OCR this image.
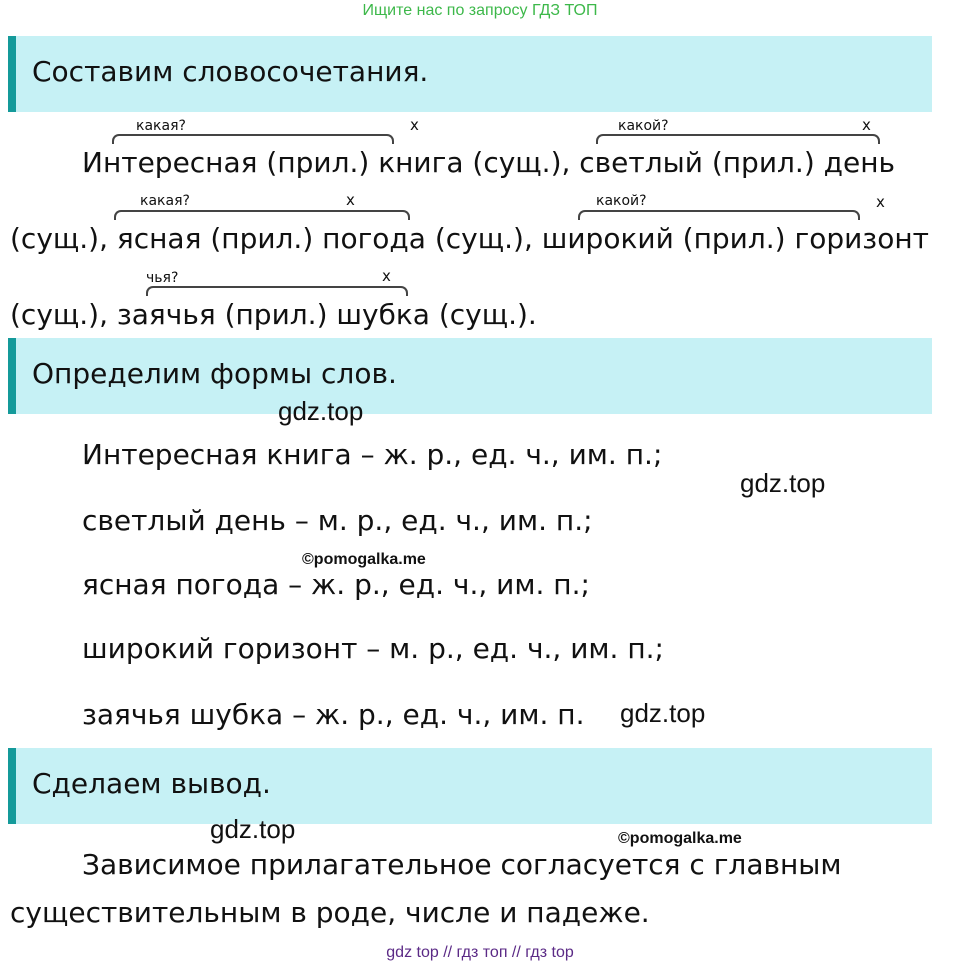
Ищите нас по запросу ГДЗ ТОП
Составим словосочетания.
какая?	х	какой?	х
Интересная (прил.) книга (сущ.), светлый (прил.) день
какая?	х	какой?	х
(сущ.), ясная (прил.) погода (сущ.), широкий (прил.) горизонт
чья?	х
(сущ.), заячья (прил.) шубка (сущ.).
Определим формы слов.
gdz.top
Интересная книга – ж. р., ед. ч., им. п.;
gdz.top
светлый день – м. р., ед. ч., им. п.;
©pomogalka.me
ясная погода – ж. р., ед. ч., им. п.;
широкий горизонт – м. р., ед. ч., им. п.;
заячья шубка – ж. р., ед. ч., им. п. gdz.top
Сделаем вывод.
gdz.top	©pomogalka.me
Зависимое прилагательное согласуется с главным
существительным в роде, числе и падеже.
gdz top // гдз топ // гдз top
